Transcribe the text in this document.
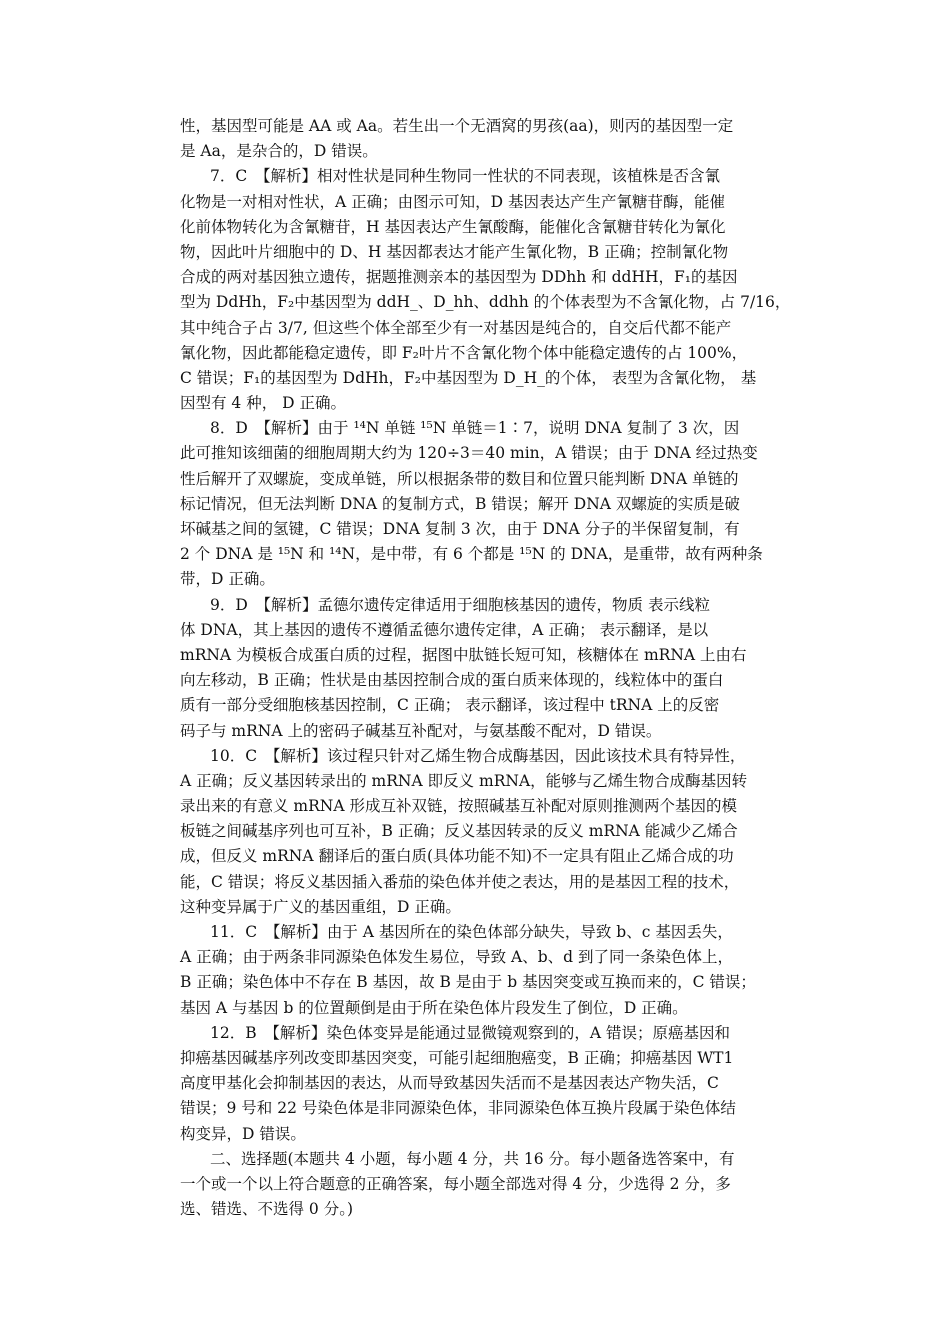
性，基因型可能是 AA 或 Aa。若生出一个无酒窝的男孩(aa)，则丙的基因型一定
是 Aa，是杂合的，D 错误。
7．C　【解析】相对性状是同种生物同一性状的不同表现，该植株是否含氰
化物是一对相对性状，A 正确；由图示可知，D 基因表达产生产氰糖苷酶，能催
化前体物转化为含氰糖苷，H 基因表达产生氰酸酶，能催化含氰糖苷转化为氰化
物，因此叶片细胞中的 D、H 基因都表达才能产生氰化物，B 正确；控制氰化物
合成的两对基因独立遗传，据题推测亲本的基因型为 DDhh 和 ddHH，F₁的基因
型为 DdHh，F₂中基因型为 ddH_、D_hh、ddhh 的个体表型为不含氰化物，占 7/16，
其中纯合子占 3/7, 但这些个体全部至少有一对基因是纯合的，自交后代都不能产
氰化物，因此都能稳定遗传，即 F₂叶片不含氰化物个体中能稳定遗传的占 100%，
C 错误；F₁的基因型为 DdHh，F₂中基因型为 D_H_的个体， 表型为含氰化物， 基
因型有 4 种， D 正确。
8．D　【解析】由于 ¹⁴N 单链 ¹⁵N 单链＝1∶7，说明 DNA 复制了 3 次，因
此可推知该细菌的细胞周期大约为 120÷3＝40 min，A 错误；由于 DNA 经过热变
性后解开了双螺旋，变成单链，所以根据条带的数目和位置只能判断 DNA 单链的
标记情况，但无法判断 DNA 的复制方式，B 错误；解开 DNA 双螺旋的实质是破
坏碱基之间的氢键，C 错误；DNA 复制 3 次，由于 DNA 分子的半保留复制，有
2 个 DNA 是 ¹⁵N 和 ¹⁴N，是中带，有 6 个都是 ¹⁵N 的 DNA，是重带，故有两种条
带，D 正确。
9．D　【解析】孟德尔遗传定律适用于细胞核基因的遗传，物质 表示线粒
体 DNA，其上基因的遗传不遵循孟德尔遗传定律，A 正确； 表示翻译，是以
mRNA 为模板合成蛋白质的过程，据图中肽链长短可知，核糖体在 mRNA 上由右
向左移动，B 正确；性状是由基因控制合成的蛋白质来体现的，线粒体中的蛋白
质有一部分受细胞核基因控制，C 正确； 表示翻译，该过程中 tRNA 上的反密
码子与 mRNA 上的密码子碱基互补配对，与氨基酸不配对，D 错误。
10．C　【解析】该过程只针对乙烯生物合成酶基因，因此该技术具有特异性，
A 正确；反义基因转录出的 mRNA 即反义 mRNA，能够与乙烯生物合成酶基因转
录出来的有意义 mRNA 形成互补双链，按照碱基互补配对原则推测两个基因的模
板链之间碱基序列也可互补，B 正确；反义基因转录的反义 mRNA 能减少乙烯合
成，但反义 mRNA 翻译后的蛋白质(具体功能不知)不一定具有阻止乙烯合成的功
能，C 错误；将反义基因插入番茄的染色体并使之表达，用的是基因工程的技术，
这种变异属于广义的基因重组，D 正确。
11．C　【解析】由于 A 基因所在的染色体部分缺失，导致 b、c 基因丢失，
A 正确；由于两条非同源染色体发生易位，导致 A、b、d 到了同一条染色体上，
B 正确；染色体中不存在 B 基因，故 B 是由于 b 基因突变或互换而来的，C 错误；
基因 A 与基因 b 的位置颠倒是由于所在染色体片段发生了倒位，D 正确。
12．B　【解析】染色体变异是能通过显微镜观察到的，A 错误；原癌基因和
抑癌基因碱基序列改变即基因突变，可能引起细胞癌变，B 正确；抑癌基因 WT1
高度甲基化会抑制基因的表达，从而导致基因失活而不是基因表达产物失活，C
错误；9 号和 22 号染色体是非同源染色体，非同源染色体互换片段属于染色体结
构变异，D 错误。
二、选择题(本题共 4 小题，每小题 4 分，共 16 分。每小题备选答案中，有
一个或一个以上符合题意的正确答案，每小题全部选对得 4 分，少选得 2 分，多
选、错选、不选得 0 分。)
